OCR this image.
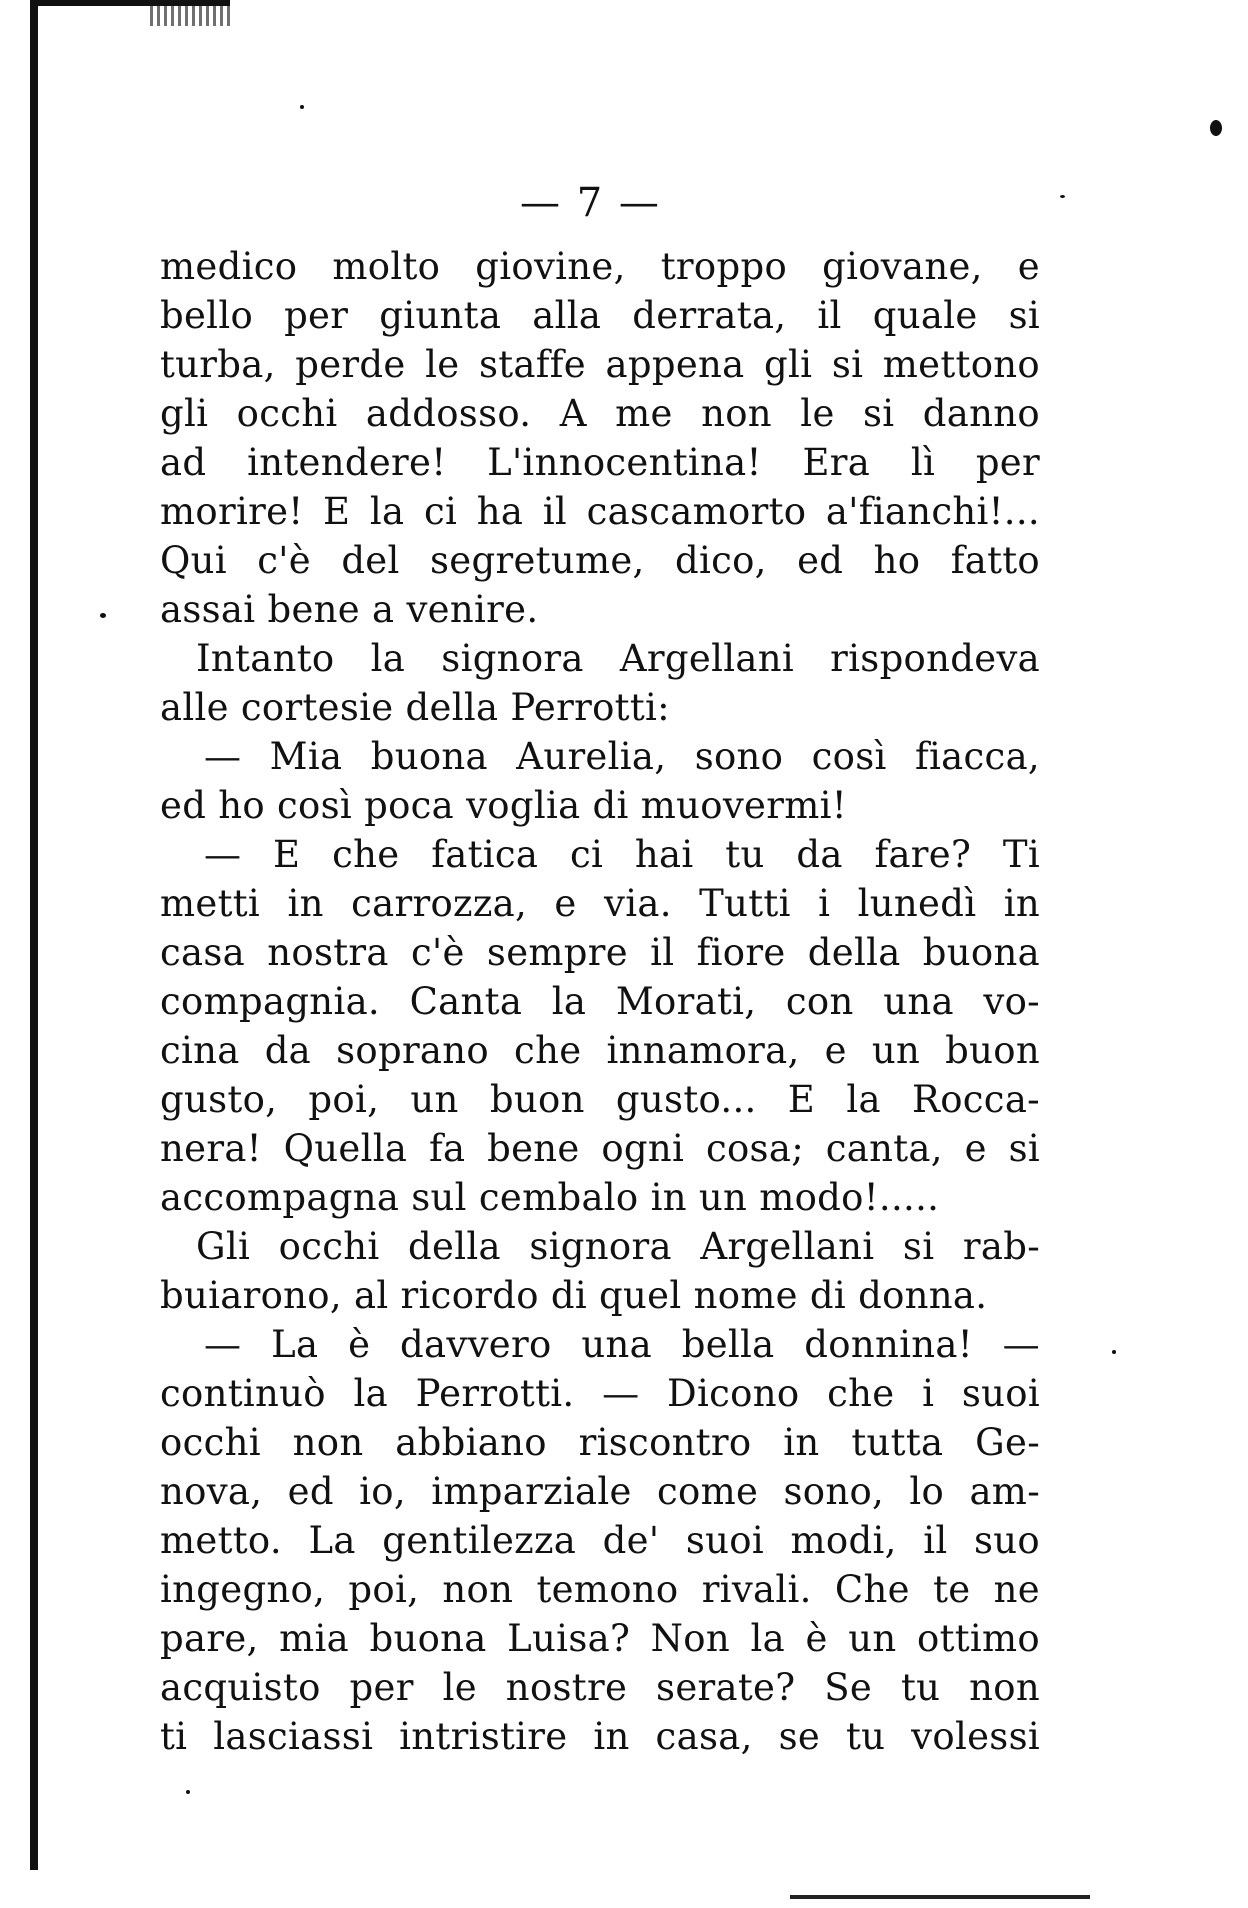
— 7 —
medico molto giovine, troppo giovane, e
bello per giunta alla derrata, il quale si
turba, perde le staffe appena gli si mettono
gli occhi addosso. A me non le si danno
ad intendere! L'innocentina! Era lì per
morire! E la ci ha il cascamorto a'fianchi!...
Qui c'è del segretume, dico, ed ho fatto
assai bene a venire.
Intanto la signora Argellani rispondeva
alle cortesie della Perrotti:
— Mia buona Aurelia, sono così fiacca,
ed ho così poca voglia di muovermi!
— E che fatica ci hai tu da fare? Ti
metti in carrozza, e via. Tutti i lunedì in
casa nostra c'è sempre il fiore della buona
compagnia. Canta la Morati, con una vo-
cina da soprano che innamora, e un buon
gusto, poi, un buon gusto... E la Rocca-
nera! Quella fa bene ogni cosa; canta, e si
accompagna sul cembalo in un modo!.....
Gli occhi della signora Argellani si rab-
buiarono, al ricordo di quel nome di donna.
— La è davvero una bella donnina! —
continuò la Perrotti. — Dicono che i suoi
occhi non abbiano riscontro in tutta Ge-
nova, ed io, imparziale come sono, lo am-
metto. La gentilezza de' suoi modi, il suo
ingegno, poi, non temono rivali. Che te ne
pare, mia buona Luisa? Non la è un ottimo
acquisto per le nostre serate? Se tu non
ti lasciassi intristire in casa, se tu volessi
